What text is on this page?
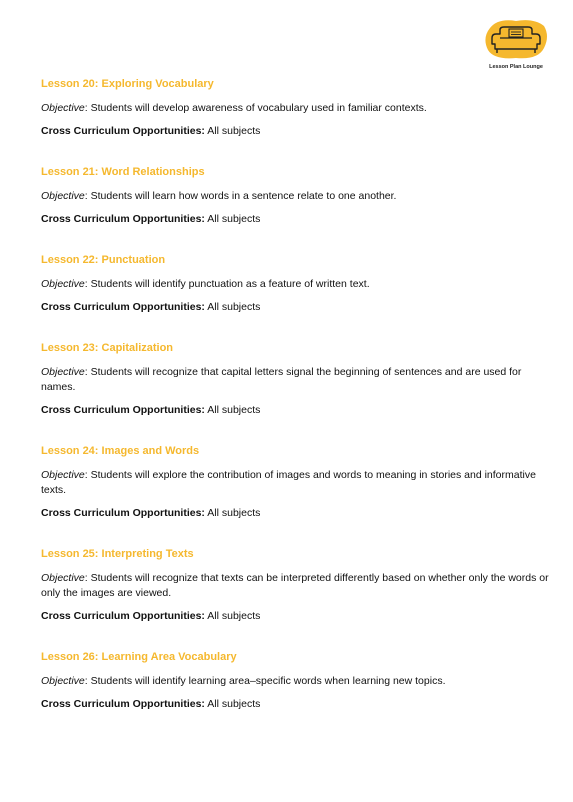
Lesson Plan Lounge

Lesson 20: Exploring Vocabulary

Objective: Students will develop awareness of vocabulary used in familiar contexts.

Cross Curriculum Opportunities: All subjects

Lesson 21: Word Relationships

Objective: Students will learn how words in a sentence relate to one another.

Cross Curriculum Opportunities: All subjects

Lesson 22: Punctuation

Objective: Students will identify punctuation as a feature of written text.

Cross Curriculum Opportunities: All subjects

Lesson 23: Capitalization

Objective: Students will recognize that capital letters signal the beginning of sentences and are used for names.

Cross Curriculum Opportunities: All subjects

Lesson 24: Images and Words

Objective: Students will explore the contribution of images and words to meaning in stories and informative texts.

Cross Curriculum Opportunities: All subjects

Lesson 25: Interpreting Texts

Objective: Students will recognize that texts can be interpreted differently based on whether only the words or only the images are viewed.

Cross Curriculum Opportunities: All subjects

Lesson 26: Learning Area Vocabulary

Objective: Students will identify learning area–specific words when learning new topics.

Cross Curriculum Opportunities: All subjects
